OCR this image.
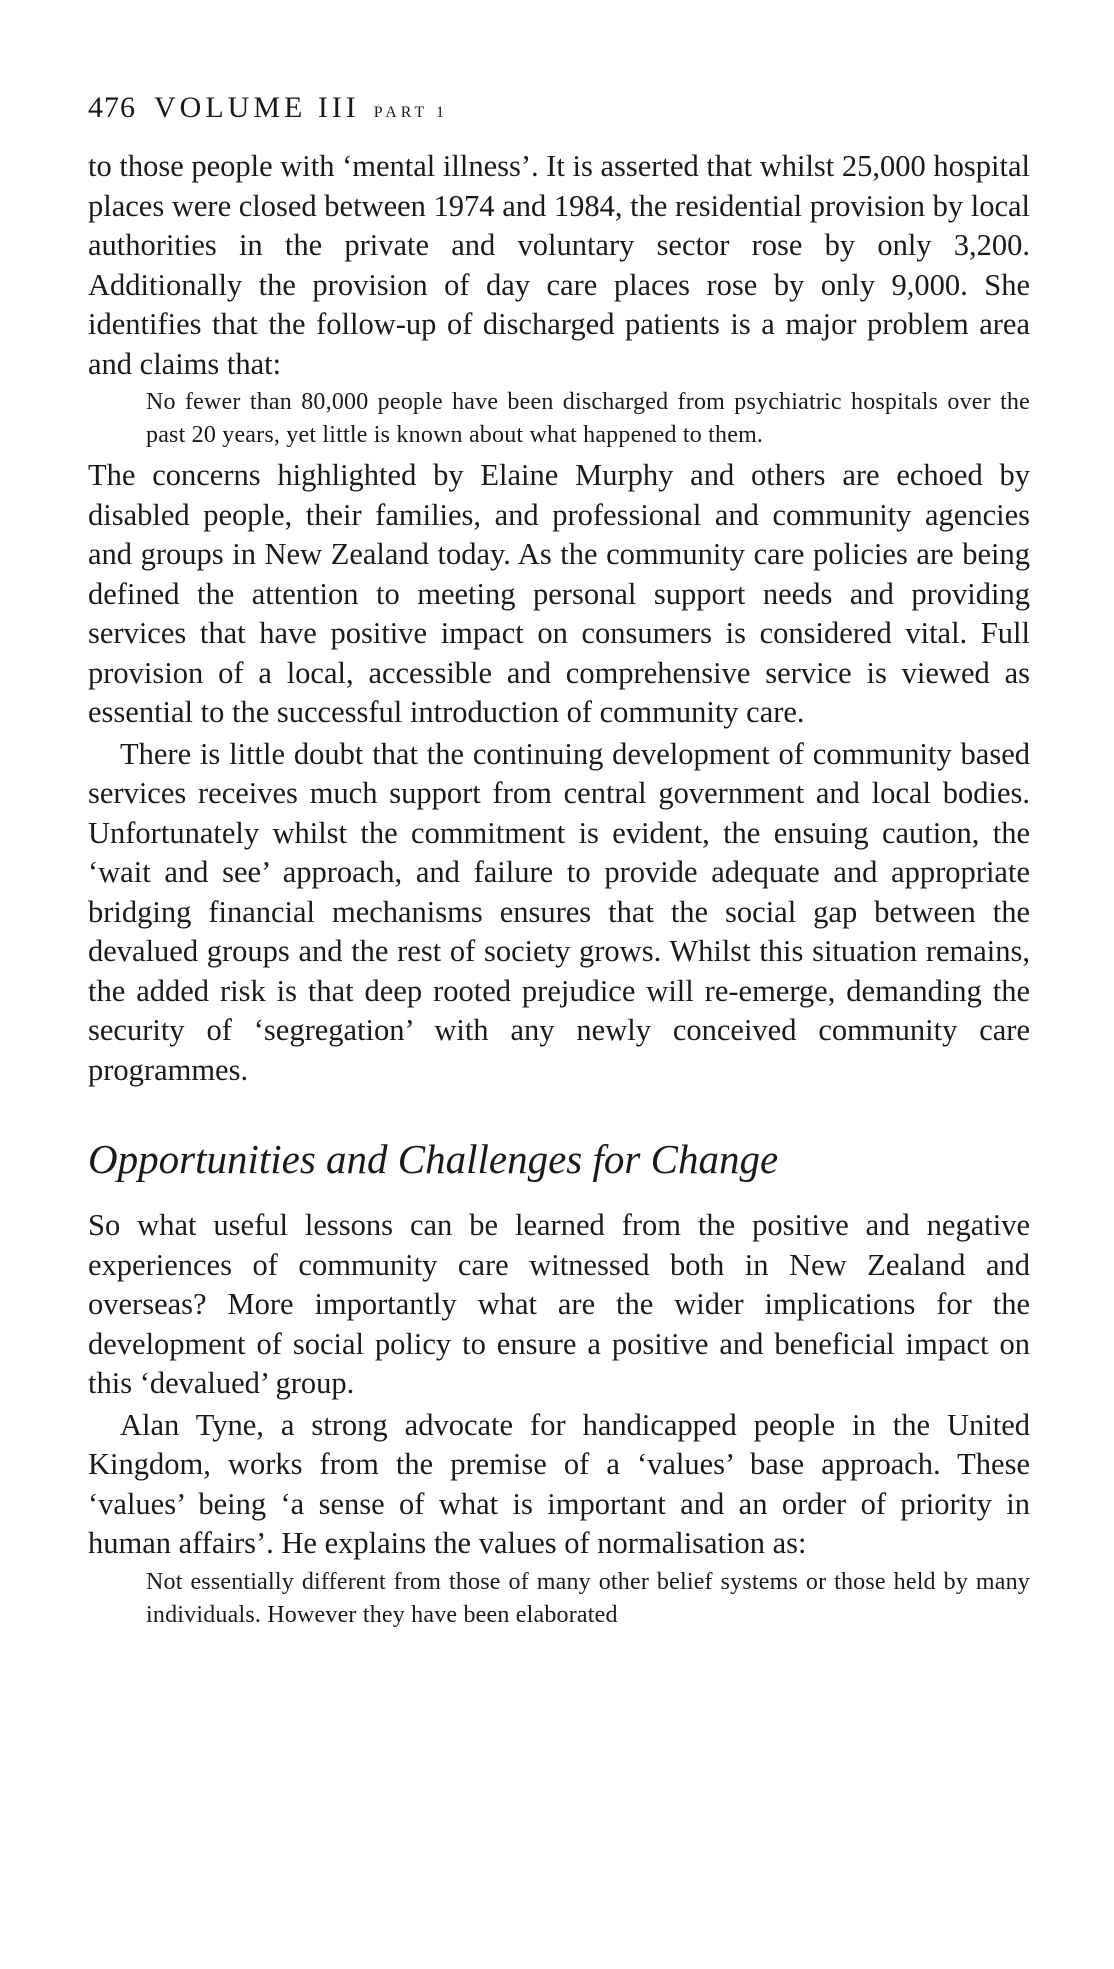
476 VOLUME III PART 1

to those people with ‘mental illness’. It is asserted that whilst 25,000 hospital places were closed between 1974 and 1984, the residential provision by local authorities in the private and voluntary sector rose by only 3,200. Additionally the provision of day care places rose by only 9,000. She identifies that the follow-up of discharged patients is a major problem area and claims that:

No fewer than 80,000 people have been discharged from psychiatric hospitals over the past 20 years, yet little is known about what happened to them.

The concerns highlighted by Elaine Murphy and others are echoed by disabled people, their families, and professional and community agencies and groups in New Zealand today. As the community care policies are being defined the attention to meeting personal support needs and providing services that have positive impact on consumers is considered vital. Full provision of a local, accessible and comprehensive service is viewed as essential to the successful introduction of community care.

There is little doubt that the continuing development of community based services receives much support from central government and local bodies. Unfortunately whilst the commitment is evident, the ensuing caution, the ‘wait and see’ approach, and failure to provide adequate and appropriate bridging financial mechanisms ensures that the social gap between the devalued groups and the rest of society grows. Whilst this situation remains, the added risk is that deep rooted prejudice will re-emerge, demanding the security of ‘segregation’ with any newly conceived community care programmes.

Opportunities and Challenges for Change

So what useful lessons can be learned from the positive and negative experiences of community care witnessed both in New Zealand and overseas? More importantly what are the wider implications for the development of social policy to ensure a positive and beneficial impact on this ‘devalued’ group.

Alan Tyne, a strong advocate for handicapped people in the United Kingdom, works from the premise of a ‘values’ base approach. These ‘values’ being ‘a sense of what is important and an order of priority in human affairs’. He explains the values of normalisation as:

Not essentially different from those of many other belief systems or those held by many individuals. However they have been elaborated
